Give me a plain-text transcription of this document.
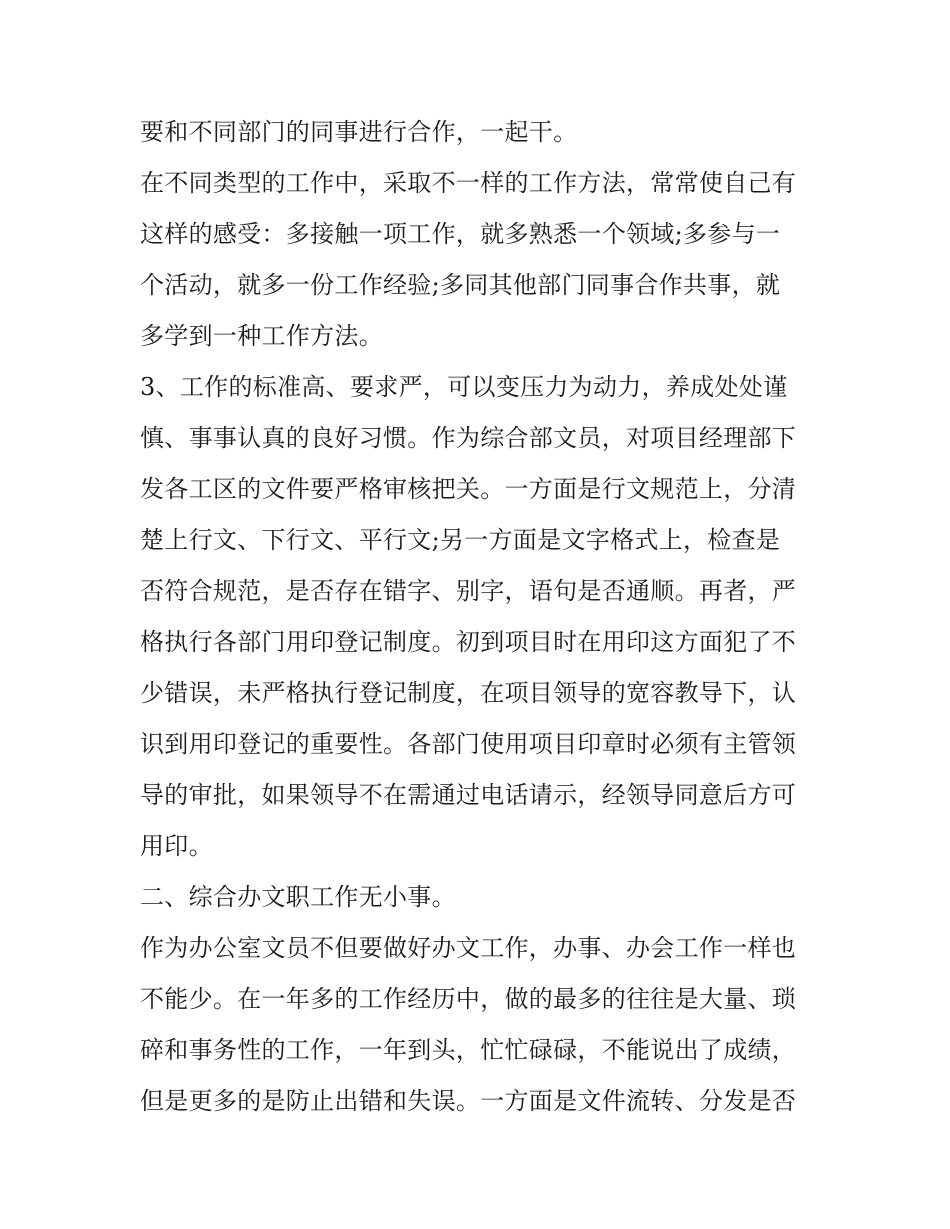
要和不同部门的同事进行合作，一起干。
在不同类型的工作中，采取不一样的工作方法，常常使自己有
这样的感受：多接触一项工作，就多熟悉一个领域;多参与一
个活动，就多一份工作经验;多同其他部门同事合作共事，就
多学到一种工作方法。
3、工作的标准高、要求严，可以变压力为动力，养成处处谨
慎、事事认真的良好习惯。作为综合部文员，对项目经理部下
发各工区的文件要严格审核把关。一方面是行文规范上，分清
楚上行文、下行文、平行文;另一方面是文字格式上，检查是
否符合规范，是否存在错字、别字，语句是否通顺。再者，严
格执行各部门用印登记制度。初到项目时在用印这方面犯了不
少错误，未严格执行登记制度，在项目领导的宽容教导下，认
识到用印登记的重要性。各部门使用项目印章时必须有主管领
导的审批，如果领导不在需通过电话请示，经领导同意后方可
用印。
二、综合办文职工作无小事。
作为办公室文员不但要做好办文工作，办事、办会工作一样也
不能少。在一年多的工作经历中，做的最多的往往是大量、琐
碎和事务性的工作，一年到头，忙忙碌碌，不能说出了成绩，
但是更多的是防止出错和失误。一方面是文件流转、分发是否
